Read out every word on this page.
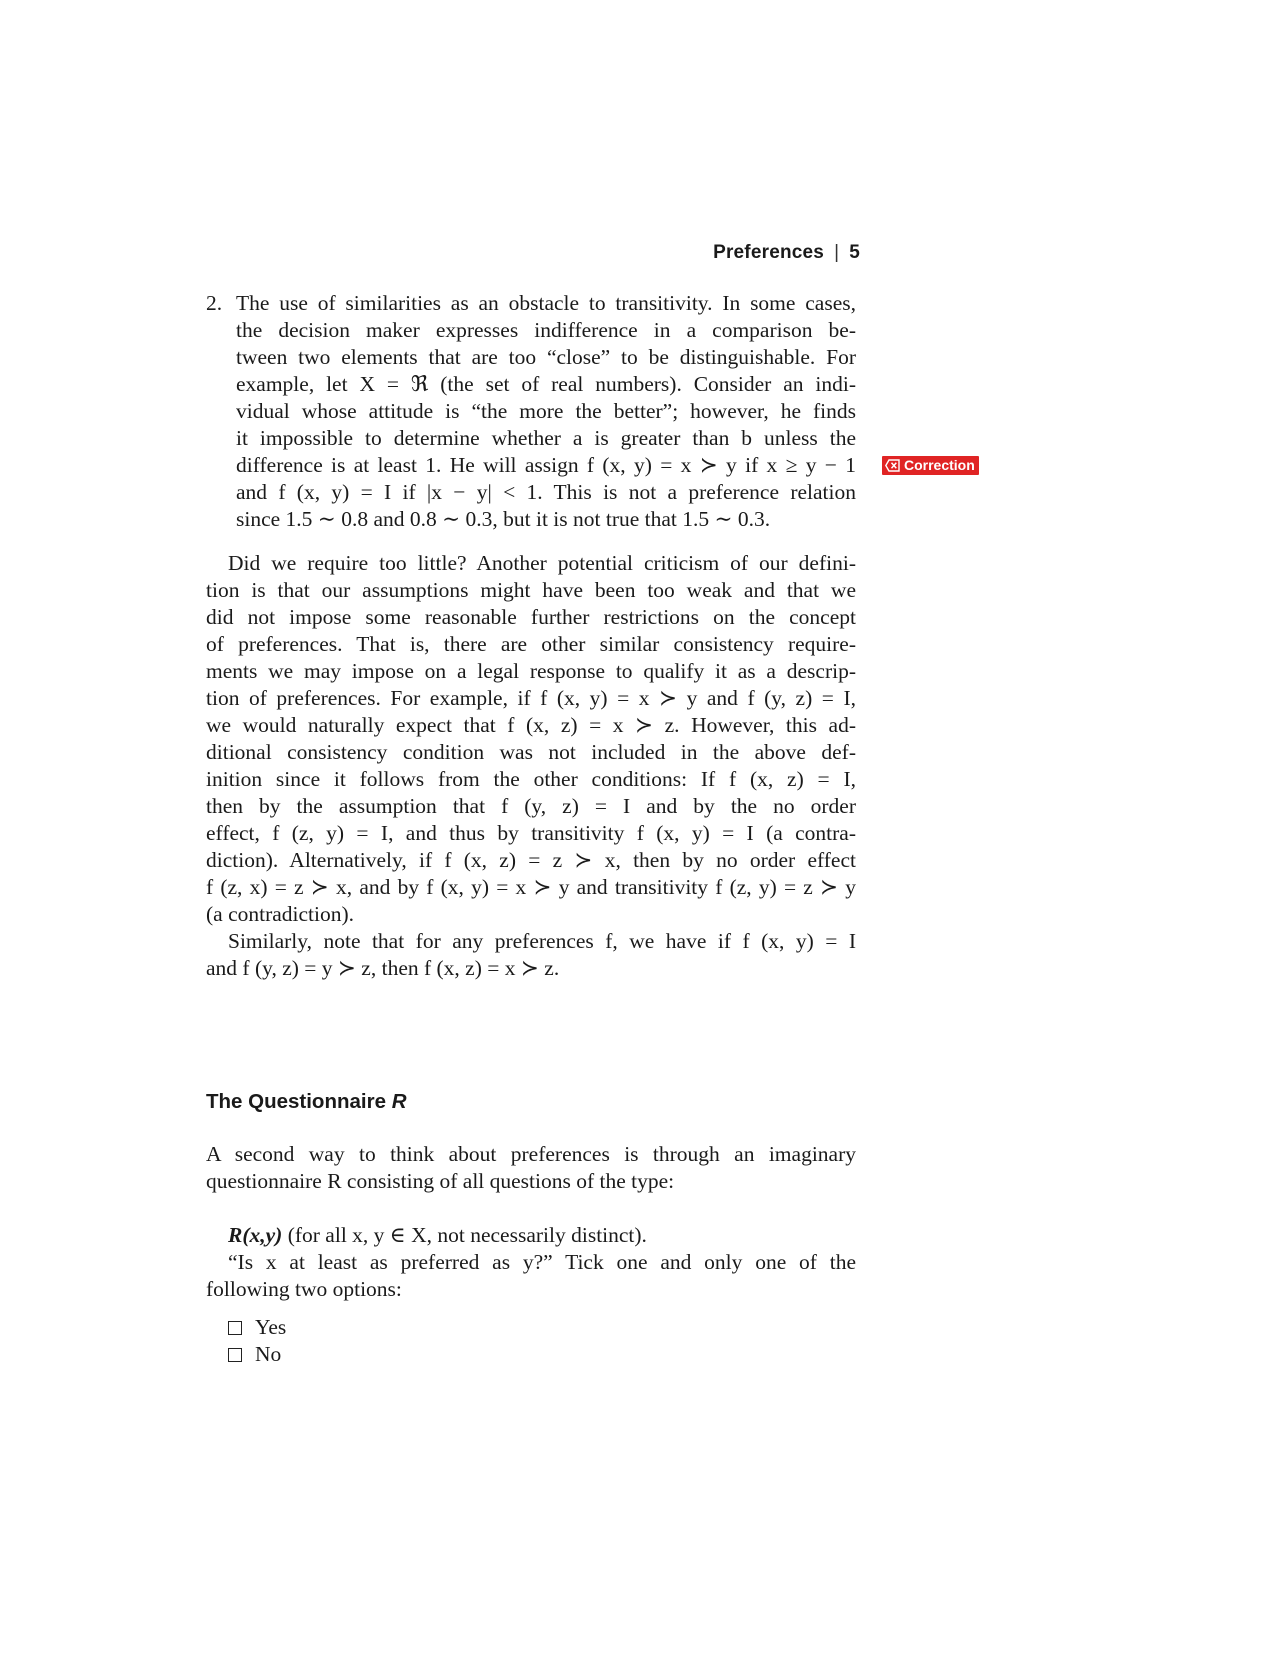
Preferences | 5
2. The use of similarities as an obstacle to transitivity. In some cases,
the decision maker expresses indifference in a comparison be-
tween two elements that are too “close” to be distinguishable. For
example, let X = ℜ (the set of real numbers). Consider an indi-
vidual whose attitude is “the more the better”; however, he finds
it impossible to determine whether a is greater than b unless the
difference is at least 1. He will assign f (x, y) = x ≻ y if x ≥ y − 1
and f (x, y) = I if |x − y| < 1. This is not a preference relation
since 1.5 ∼ 0.8 and 0.8 ∼ 0.3, but it is not true that 1.5 ∼ 0.3.
Correction
Did we require too little? Another potential criticism of our defini-
tion is that our assumptions might have been too weak and that we
did not impose some reasonable further restrictions on the concept
of preferences. That is, there are other similar consistency require-
ments we may impose on a legal response to qualify it as a descrip-
tion of preferences. For example, if f (x, y) = x ≻ y and f (y, z) = I,
we would naturally expect that f (x, z) = x ≻ z. However, this ad-
ditional consistency condition was not included in the above def-
inition since it follows from the other conditions: If f (x, z) = I,
then by the assumption that f (y, z) = I and by the no order
effect, f (z, y) = I, and thus by transitivity f (x, y) = I (a contra-
diction). Alternatively, if f (x, z) = z ≻ x, then by no order effect
f (z, x) = z ≻ x, and by f (x, y) = x ≻ y and transitivity f (z, y) = z ≻ y
(a contradiction).
Similarly, note that for any preferences f, we have if f (x, y) = I
and f (y, z) = y ≻ z, then f (x, z) = x ≻ z.
The Questionnaire R
A second way to think about preferences is through an imaginary
questionnaire R consisting of all questions of the type:
R(x,y) (for all x, y ∈ X, not necessarily distinct).
“Is x at least as preferred as y?” Tick one and only one of the
following two options:
Yes
No
